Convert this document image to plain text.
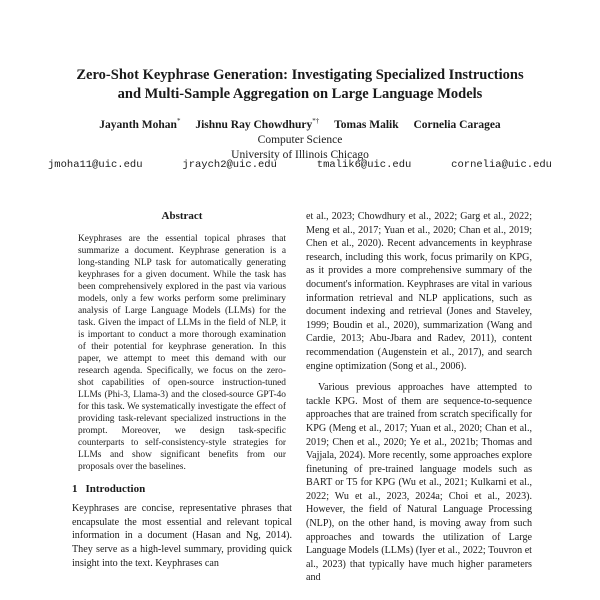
Zero-Shot Keyphrase Generation: Investigating Specialized Instructions
and Multi-Sample Aggregation on Large Language Models
Jayanth Mohan* Jishnu Ray Chowdhury*† Tomas Malik Cornelia Caragea
Computer Science
University of Illinois Chicago
jmoha11@uic.edu	jraych2@uic.edu	tmalik6@uic.edu	cornelia@uic.edu
Abstract

Keyphrases are the essential topical phrases that summarize a document. Keyphrase generation is a long-standing NLP task for automatically generating keyphrases for a given document. While the task has been comprehensively explored in the past via various models, only a few works perform some preliminary analysis of Large Language Models (LLMs) for the task. Given the impact of LLMs in the field of NLP, it is important to conduct a more thorough examination of their potential for keyphrase generation. In this paper, we attempt to meet this demand with our research agenda. Specifically, we focus on the zero-shot capabilities of open-source instruction-tuned LLMs (Phi-3, Llama-3) and the closed-source GPT-4o for this task. We systematically investigate the effect of providing task-relevant specialized instructions in the prompt. Moreover, we design task-specific counterparts to self-consistency-style strategies for LLMs and show significant benefits from our proposals over the baselines.

1 Introduction

Keyphrases are concise, representative phrases that encapsulate the most essential and relevant topical information in a document (Hasan and Ng, 2014). They serve as a high-level summary, providing quick insight into the text. Keyphrases can

et al., 2023; Chowdhury et al., 2022; Garg et al., 2022; Meng et al., 2017; Yuan et al., 2020; Chan et al., 2019; Chen et al., 2020). Recent advancements in keyphrase research, including this work, focus primarily on KPG, as it provides a more comprehensive summary of the document's information. Keyphrases are vital in various information retrieval and NLP applications, such as document indexing and retrieval (Jones and Staveley, 1999; Boudin et al., 2020), summarization (Wang and Cardie, 2013; Abu-Jbara and Radev, 2011), content recommendation (Augenstein et al., 2017), and search engine optimization (Song et al., 2006).

Various previous approaches have attempted to tackle KPG. Most of them are sequence-to-sequence approaches that are trained from scratch specifically for KPG (Meng et al., 2017; Yuan et al., 2020; Chan et al., 2019; Chen et al., 2020; Ye et al., 2021b; Thomas and Vajjala, 2024). More recently, some approaches explore finetuning of pre-trained language models such as BART or T5 for KPG (Wu et al., 2021; Kulkarni et al., 2022; Wu et al., 2023, 2024a; Choi et al., 2023). However, the field of Natural Language Processing (NLP), on the other hand, is moving away from such approaches and towards the utilization of Large Language Models (LLMs) (Iyer et al., 2022; Touvron et al., 2023) that typically have much higher parameters and
